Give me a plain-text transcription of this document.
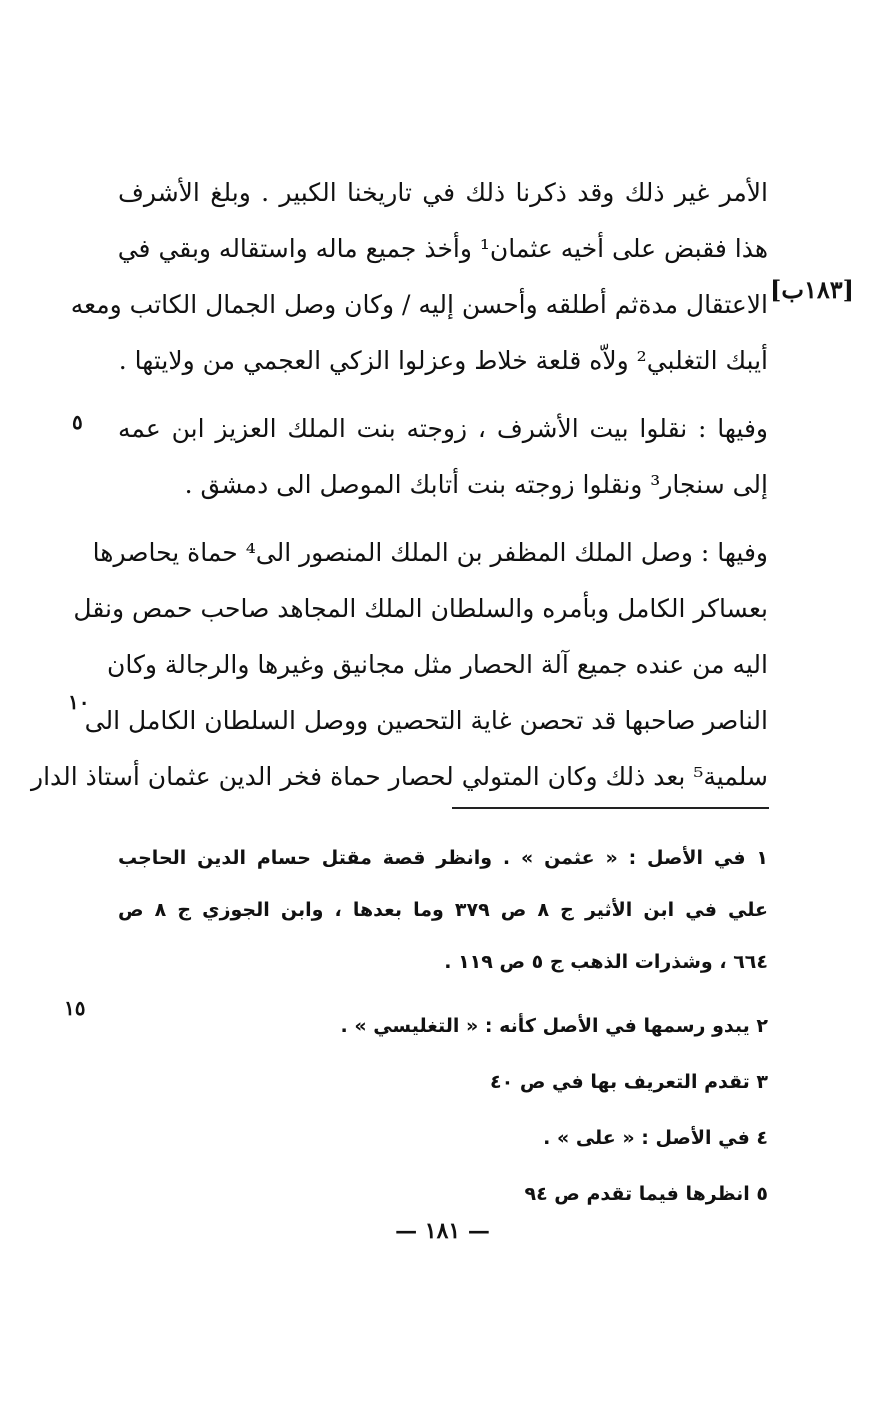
[١٨٣ب]
٥
١٠
١٥
الأمر غير ذلك وقد ذكرنا ذلك في تاريخنا الكبير . وبلغ الأشرف
هذا فقبض على أخيه عثمان¹ وأخذ جميع ماله واستقاله وبقي في
الاعتقال مدةثم أطلقه وأحسن إليه / وكان وصل الجمال الكاتب ومعه
أيبك التغلبي² ولاّه قلعة خلاط وعزلوا الزكي العجمي من ولايتها .
وفيها : نقلوا بيت الأشرف ، زوجته بنت الملك العزيز ابن عمه
إلى سنجار³ ونقلوا زوجته بنت أتابك الموصل الى دمشق .
وفيها : وصل الملك المظفر بن الملك المنصور الى⁴ حماة يحاصرها
بعساكر الكامل وبأمره والسلطان الملك المجاهد صاحب حمص ونقل
اليه من عنده جميع آلة الحصار مثل مجانيق وغيرها والرجالة وكان
الناصر صاحبها قد تحصن غاية التحصين ووصل السلطان الكامل الى
سلمية⁵ بعد ذلك وكان المتولي لحصار حماة فخر الدين عثمان أستاذ الدار
١ في الأصل : « عثمن » . وانظر قصة مقتل حسام الدين الحاجب
علي في ابن الأثير ج ٨ ص ٣٧٩ وما بعدها ، وابن الجوزي ج ٨ ص
٦٦٤ ، وشذرات الذهب ج ٥ ص ١١٩ .
٢ يبدو رسمها في الأصل كأنه : « التغليسي » .
٣ تقدم التعريف بها في ص ٤٠
٤ في الأصل : « على » .
٥ انظرها فيما تقدم ص ٩٤
— ١٨١ —
